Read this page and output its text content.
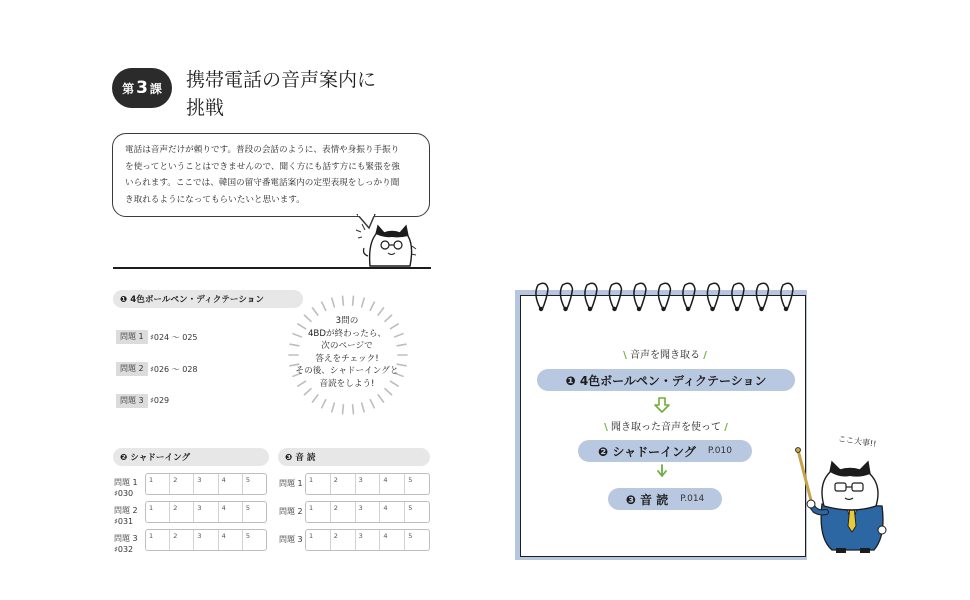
第 3 課 携帯電話の音声案内に
挑戦
電話は音声だけが頼りです。普段の会話のように、表情や身振り手振り
を使ってということはできませんので、聞く方にも話す方にも緊張を強
いられます。ここでは、韓国の留守番電話案内の定型表現をしっかり聞
き取れるようになってもらいたいと思います。
❶ 4色ボールペン・ディクテーション
問題 1 ♯024 ～ 025
問題 2 ♯026 ～ 028
問題 3 ♯029
3問の
4BDが終わったら、
次のページで
答えをチェック!
その後、シャドーイングと
音読をしよう!
❷ シャドーイング
問題 1
♯030
1	2	3	4	5
問題 2
♯031
1	2	3	4	5
問題 3
♯032
1	2	3	4	5
❸ 音 読
問題 1 1	2	3	4	5
問題 2 1	2	3	4	5
問題 3 1	2	3	4	5
\ 音声を聞き取る /
❶ 4色ボールペン・ディクテーション
\ 聞き取った音声を使って /
❷ シャドーイング P.010
❸ 音 読 P.014
ここ大事!!
